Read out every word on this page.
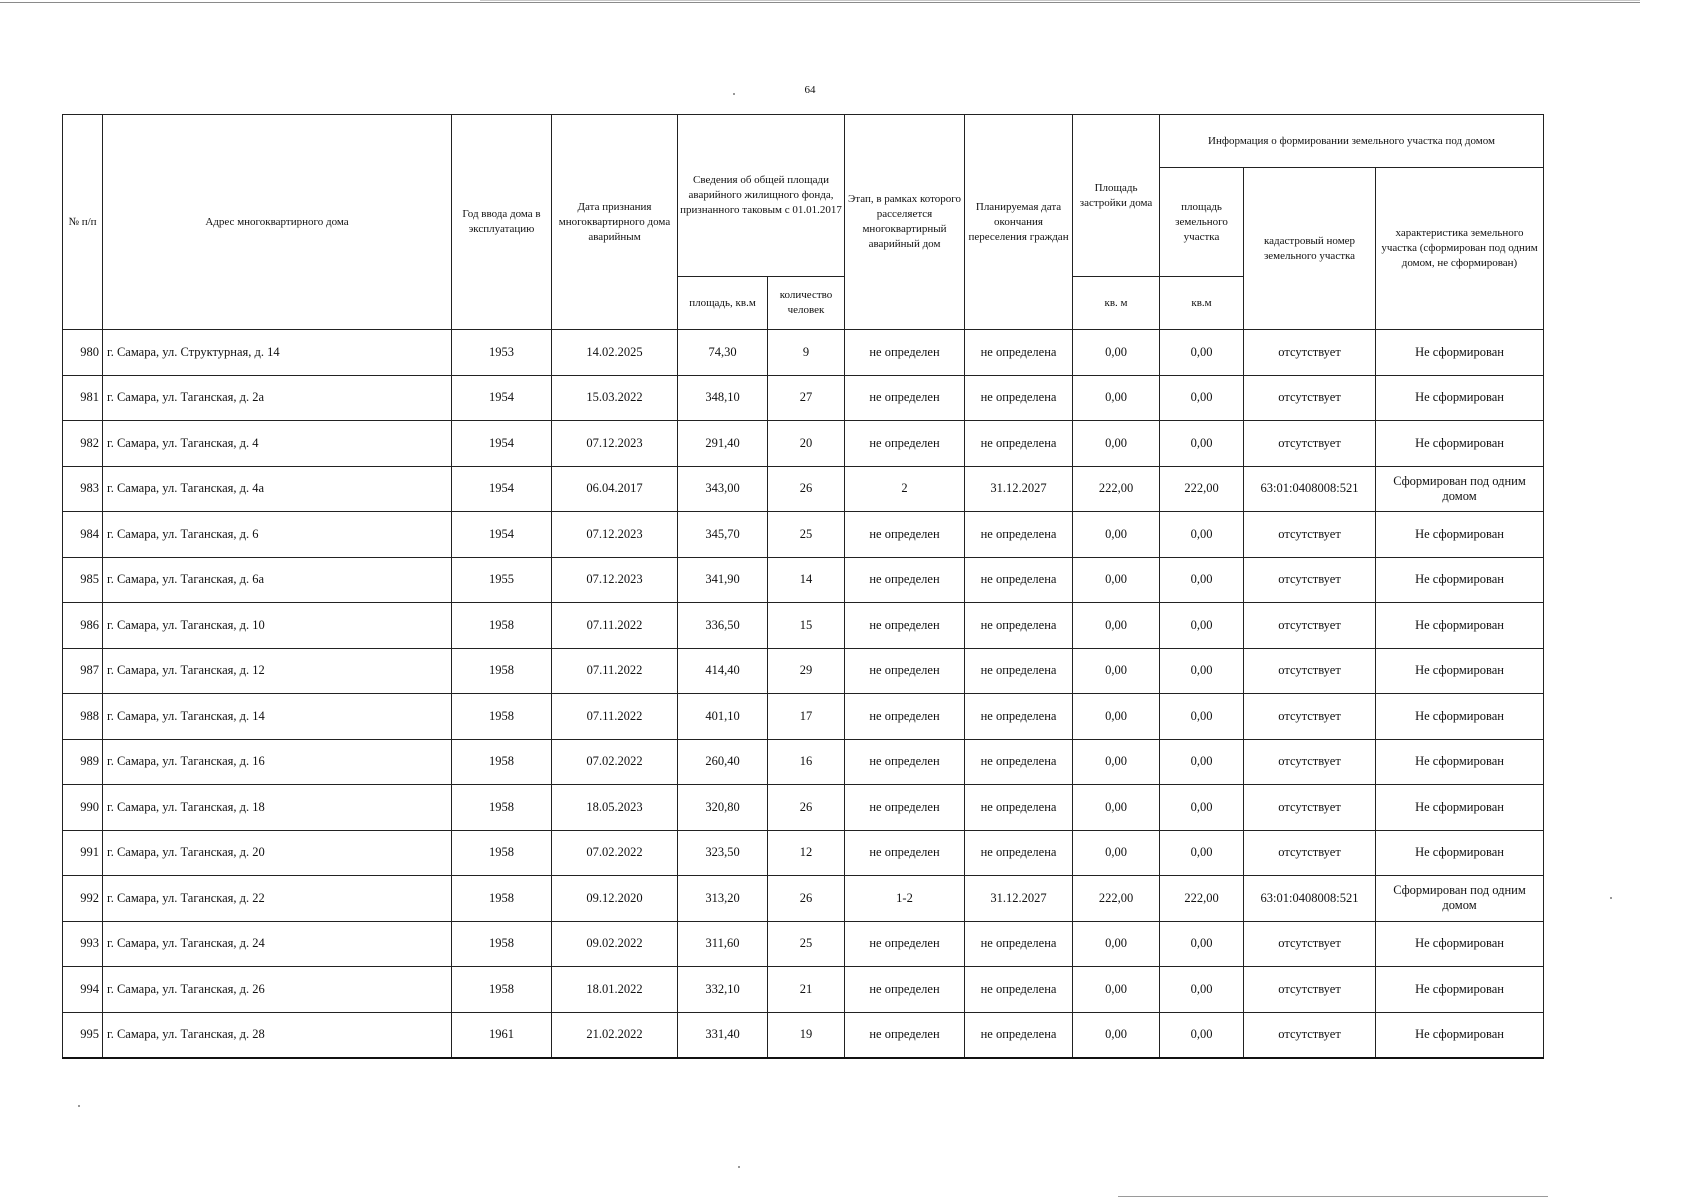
64
№ п/п	Адрес многоквартирного дома	Год ввода дома в эксплуатацию	Дата признания многоквартирного дома аварийным	Сведения об общей площади аварийного жилищного фонда, признанного таковым с 01.01.2017		Этап, в рамках которого расселяется многоквартирный аварийный дом	Планируемая дата окончания переселения граждан	Площадь застройки дома	Информация о формировании земельного участка под домом		
									площадь земельного участка	кадастровый номер земельного участка	характеристика земельного участка (сформирован под одним домом, не сформирован)
				площадь, кв.м	количество человек			кв. м	кв.м		
980	г. Самара, ул. Структурная, д. 14	1953	14.02.2025	74,30	9	не определен	не определена	0,00	0,00	отсутствует	Не сформирован
981	г. Самара, ул. Таганская, д. 2а	1954	15.03.2022	348,10	27	не определен	не определена	0,00	0,00	отсутствует	Не сформирован
982	г. Самара, ул. Таганская, д. 4	1954	07.12.2023	291,40	20	не определен	не определена	0,00	0,00	отсутствует	Не сформирован
983	г. Самара, ул. Таганская, д. 4а	1954	06.04.2017	343,00	26	2	31.12.2027	222,00	222,00	63:01:0408008:521	Сформирован под одним домом
984	г. Самара, ул. Таганская, д. 6	1954	07.12.2023	345,70	25	не определен	не определена	0,00	0,00	отсутствует	Не сформирован
985	г. Самара, ул. Таганская, д. 6а	1955	07.12.2023	341,90	14	не определен	не определена	0,00	0,00	отсутствует	Не сформирован
986	г. Самара, ул. Таганская, д. 10	1958	07.11.2022	336,50	15	не определен	не определена	0,00	0,00	отсутствует	Не сформирован
987	г. Самара, ул. Таганская, д. 12	1958	07.11.2022	414,40	29	не определен	не определена	0,00	0,00	отсутствует	Не сформирован
988	г. Самара, ул. Таганская, д. 14	1958	07.11.2022	401,10	17	не определен	не определена	0,00	0,00	отсутствует	Не сформирован
989	г. Самара, ул. Таганская, д. 16	1958	07.02.2022	260,40	16	не определен	не определена	0,00	0,00	отсутствует	Не сформирован
990	г. Самара, ул. Таганская, д. 18	1958	18.05.2023	320,80	26	не определен	не определена	0,00	0,00	отсутствует	Не сформирован
991	г. Самара, ул. Таганская, д. 20	1958	07.02.2022	323,50	12	не определен	не определена	0,00	0,00	отсутствует	Не сформирован
992	г. Самара, ул. Таганская, д. 22	1958	09.12.2020	313,20	26	1-2	31.12.2027	222,00	222,00	63:01:0408008:521	Сформирован под одним домом
993	г. Самара, ул. Таганская, д. 24	1958	09.02.2022	311,60	25	не определен	не определена	0,00	0,00	отсутствует	Не сформирован
994	г. Самара, ул. Таганская, д. 26	1958	18.01.2022	332,10	21	не определен	не определена	0,00	0,00	отсутствует	Не сформирован
995	г. Самара, ул. Таганская, д. 28	1961	21.02.2022	331,40	19	не определен	не определена	0,00	0,00	отсутствует	Не сформирован
